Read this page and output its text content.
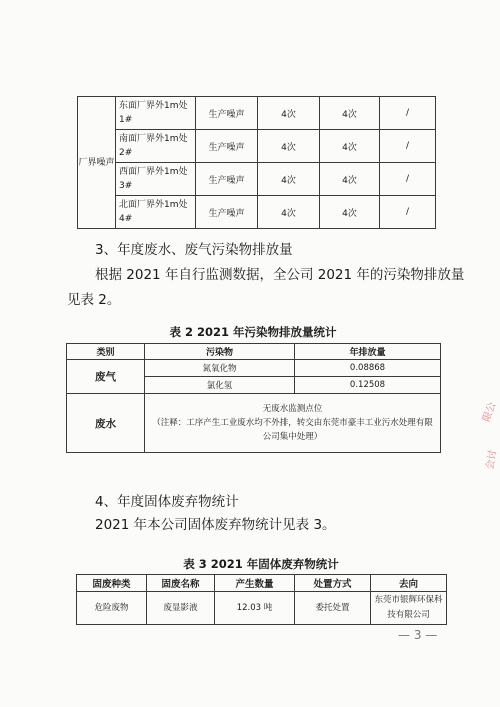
厂界噪声	东面厂界外1m处1#	生产噪声	4次	4次	/
	南面厂界外1m处2#	生产噪声	4次	4次	/
	西面厂界外1m处3#	生产噪声	4次	4次	/
	北面厂界外1m处4#	生产噪声	4次	4次	/
3、年度废水、废气污染物排放量
根据 2021 年自行监测数据，全公司 2021 年的污染物排放量
见表 2。
表 2 2021 年污染物排放量统计
类别	污染物	年排放量
废气	氮氧化物	0.08868
	氯化氢	0.12508
废水	无废水监测点位
（注释：工序产生工业废水均不外排，转交由东莞市豪丰工业污水处理有限公司集中处理）	
4、年度固体废弃物统计
2021 年本公司固体废弃物统计见表 3。
表 3 2021 年固体废弃物统计
固废种类	固废名称	产生数量	处置方式	去向
危险废物	废显影液	12.03 吨	委托处置	东莞市银辉环保科技有限公司
限公
会讨
— 3 —
